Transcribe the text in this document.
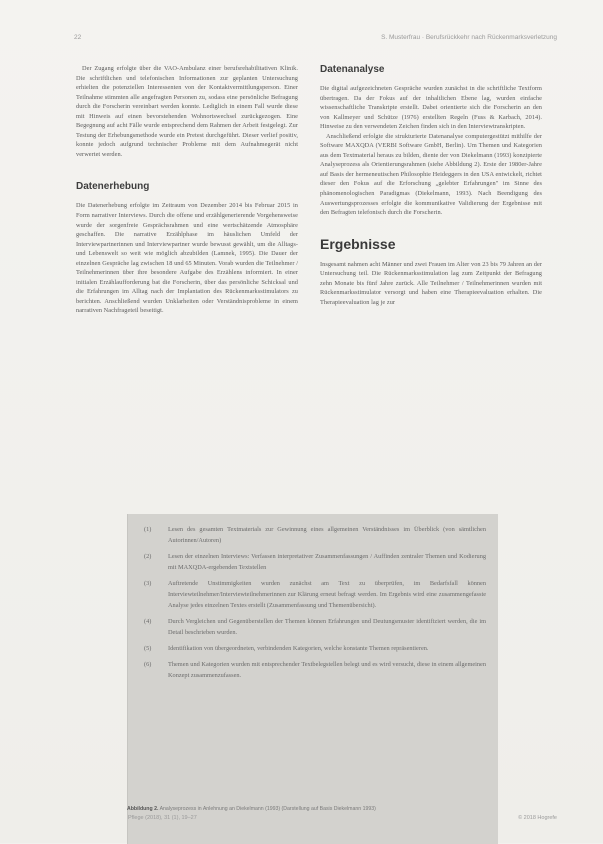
22	S. Musterfrau · Berufsrückkehr nach Rückenmarksverletzung

Der Zugang erfolgte über die VAO-Ambulanz einer berufsrehabilitativen Klinik. Die schriftlichen und telefonischen Informationen zur geplanten Untersuchung erhielten die potenziellen Interessenten von der Kontaktvermittlungsperson. Einer Teilnahme stimmten alle angefragten Personen zu, sodass eine persönliche Befragung durch die Forscherin vereinbart werden konnte. Lediglich in einem Fall wurde diese mit Hinweis auf einen bevorstehenden Wohnortswechsel zurückgezogen. Eine Begegnung auf acht Fälle wurde entsprechend dem Rahmen der Arbeit festgelegt. Zur Testung der Erhebungsmethode wurde ein Pretest durchgeführt. Dieser verlief positiv, konnte jedoch aufgrund technischer Probleme mit dem Aufnahmegerät nicht verwertet werden.

Datenerhebung

Die Datenerhebung erfolgte im Zeitraum von Dezember 2014 bis Februar 2015 in Form narrativer Interviews. Durch die offene und erzählgenerierende Vorgehensweise wurde der sorgenfreie Gesprächsrahmen und eine wertschätzende Atmosphäre geschaffen. Die narrative Erzählphase im häuslichen Umfeld der Interviewpartnerinnen und Interviewpartner wurde bewusst gewählt, um die Alltags- und Lebenswelt so weit wie möglich abzubilden (Lamnek, 1995). Die Dauer der einzelnen Gespräche lag zwischen 18 und 65 Minuten. Vorab wurden die Teilnehmer / Teilnehmerinnen über ihre besondere Aufgabe des Erzählens informiert. In einer initialen Erzählaufforderung bat die Forscherin, über das persönliche Schicksal und die Erfahrungen im Alltag nach der Implantation des Rückenmarksstimulators zu berichten. Anschließend wurden Unklarheiten oder Verständnisprobleme in einem narrativen Nachfrageteil beseitigt.

Datenanalyse

Die digital aufgezeichneten Gespräche wurden zunächst in die schriftliche Textform übertragen. Da der Fokus auf der inhaltlichen Ebene lag, wurden einfache wissenschaftliche Transkripte erstellt. Dabei orientierte sich die Forscherin an den von Kallmeyer und Schütze (1976) erstellten Regeln (Fuss & Karbach, 2014). Hinweise zu den verwendeten Zeichen finden sich in den Interviewtranskripten.

Anschließend erfolgte die strukturierte Datenanalyse computergestützt mithilfe der Software MAXQDA (VERBI Software GmbH, Berlin). Um Themen und Kategorien aus dem Textmaterial heraus zu bilden, diente der von Diekelmann (1993) konzipierte Analyseprozess als Orientierungsrahmen (siehe Abbildung 2). Erste der 1980er-Jahre auf Basis der hermeneutischen Philosophie Heideggers in den USA entwickelt, richtet dieser den Fokus auf die Erforschung „gelebter Erfahrungen" im Sinne des phänomenologischen Paradigmas (Diekelmann, 1993). Nach Beendigung des Auswertungsprozesses erfolgte die kommunikative Validierung der Ergebnisse mit den Befragten telefonisch durch die Forscherin.

Ergebnisse

Insgesamt nahmen acht Männer und zwei Frauen im Alter von 23 bis 79 Jahren an der Untersuchung teil. Die Rückenmarksstimulation lag zum Zeitpunkt der Befragung zehn Monate bis fünf Jahre zurück. Alle Teilnehmer / Teilnehmerinnen wurden mit Rückenmarksstimulator versorgt und haben eine Therapieevaluation erhalten. Die Therapieevaluation lag je zur

(1)	Lesen des gesamten Textmaterials zur Gewinnung eines allgemeinen Verständnisses im Überblick (von sämtlichen Autorinnen/Autoren)
(2)	Lesen der einzelnen Interviews: Verfassen interpretativer Zusammenfassungen / Auffinden zentraler Themen und Kodierung mit MAXQDA-ergebenden Textstellen
(3)	Auftretende Unstimmigkeiten wurden zunächst am Text zu überprüfen, im Bedarfsfall können Interviewteilnehmer/Interviewteilnehmerinnen zur Klärung erneut befragt werden. Im Ergebnis wird eine zusammengefasste Analyse jedes einzelnen Textes erstellt (Zusammenfassung und Themenübersicht).
(4)	Durch Vergleichen und Gegenüberstellen der Themen können Erfahrungen und Deutungsmuster identifiziert werden, die im Detail beschrieben wurden.
(5)	Identifikation von übergeordneten, verbindenden Kategorien, welche konstante Themen repräsentieren.
(6)	Themen und Kategorien wurden mit entsprechender Textbelegstellen belegt und es wird versucht, diese in einem allgemeinen Konzept zusammenzufassen.
Abbildung 2. Analyseprozess in Anlehnung an Diekelmann (1993) (Darstellung auf Basis Diekelmann 1993)
Pflege (2018), 31 (1), 19–27	© 2018 Hogrefe
